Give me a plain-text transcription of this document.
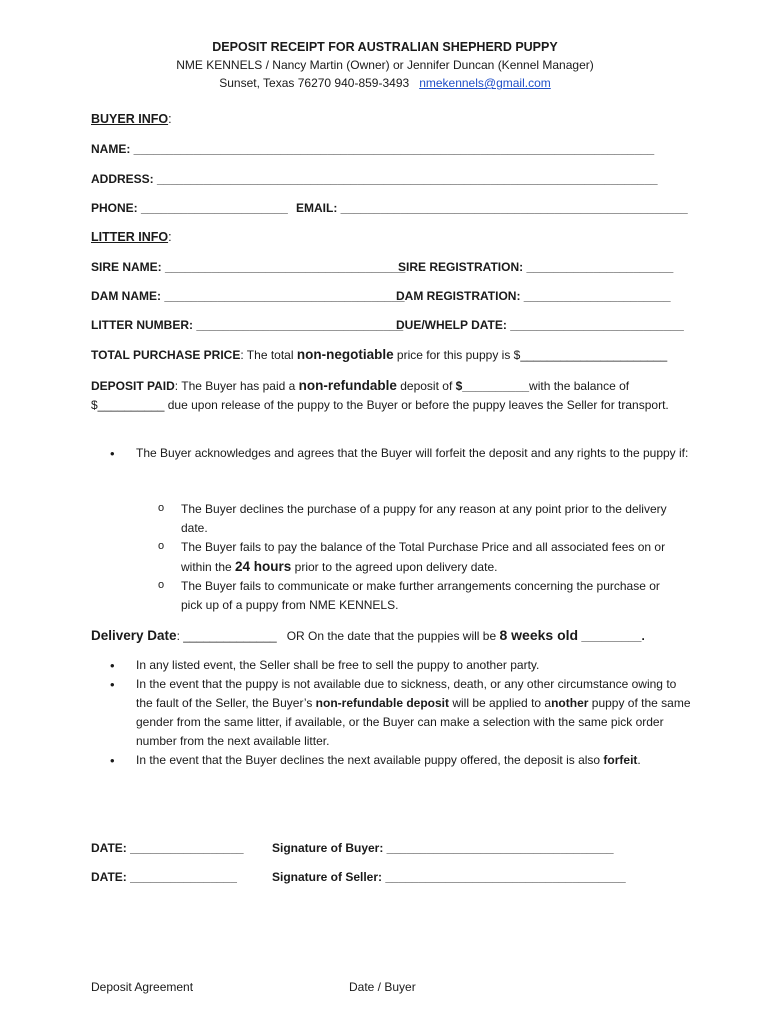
DEPOSIT RECEIPT FOR AUSTRALIAN SHEPHERD PUPPY
NME KENNELS / Nancy Martin (Owner) or Jennifer Duncan (Kennel Manager)
Sunset, Texas 76270 940-859-3493 nmekennels@gmail.com
BUYER INFO:
NAME: ______________________________________________________________________________
ADDRESS: ___________________________________________________________________________
PHONE: ______________________ EMAIL: ____________________________________________________
LITTER INFO:
SIRE NAME: ____________________________________
SIRE REGISTRATION: ______________________
DAM NAME: ____________________________________
DAM REGISTRATION: ______________________
LITTER NUMBER: _______________________________
DUE/WHELP DATE: __________________________
TOTAL PURCHASE PRICE: The total non-negotiable price for this puppy is $______________________
DEPOSIT PAID: The Buyer has paid a non-refundable deposit of $__________with the balance of $__________ due upon release of the puppy to the Buyer or before the puppy leaves the Seller for transport.
• The Buyer acknowledges and agrees that the Buyer will forfeit the deposit and any rights to the puppy if:
o The Buyer declines the purchase of a puppy for any reason at any point prior to the delivery date.
o The Buyer fails to pay the balance of the Total Purchase Price and all associated fees on or within the 24 hours prior to the agreed upon delivery date.
o The Buyer fails to communicate or make further arrangements concerning the purchase or pick up of a puppy from NME KENNELS.
Delivery Date: ______________ OR On the date that the puppies will be 8 weeks old _________.
• In any listed event, the Seller shall be free to sell the puppy to another party.
• In the event that the puppy is not available due to sickness, death, or any other circumstance owing to the fault of the Seller, the Buyer’s non-refundable deposit will be applied to another puppy of the same gender from the same litter, if available, or the Buyer can make a selection with the same pick order number from the next available litter.
• In the event that the Buyer declines the next available puppy offered, the deposit is also forfeit.
DATE: _________________ Signature of Buyer: __________________________________
DATE: ________________	Signature of Seller: ____________________________________
Deposit Agreement	Date / Buyer
